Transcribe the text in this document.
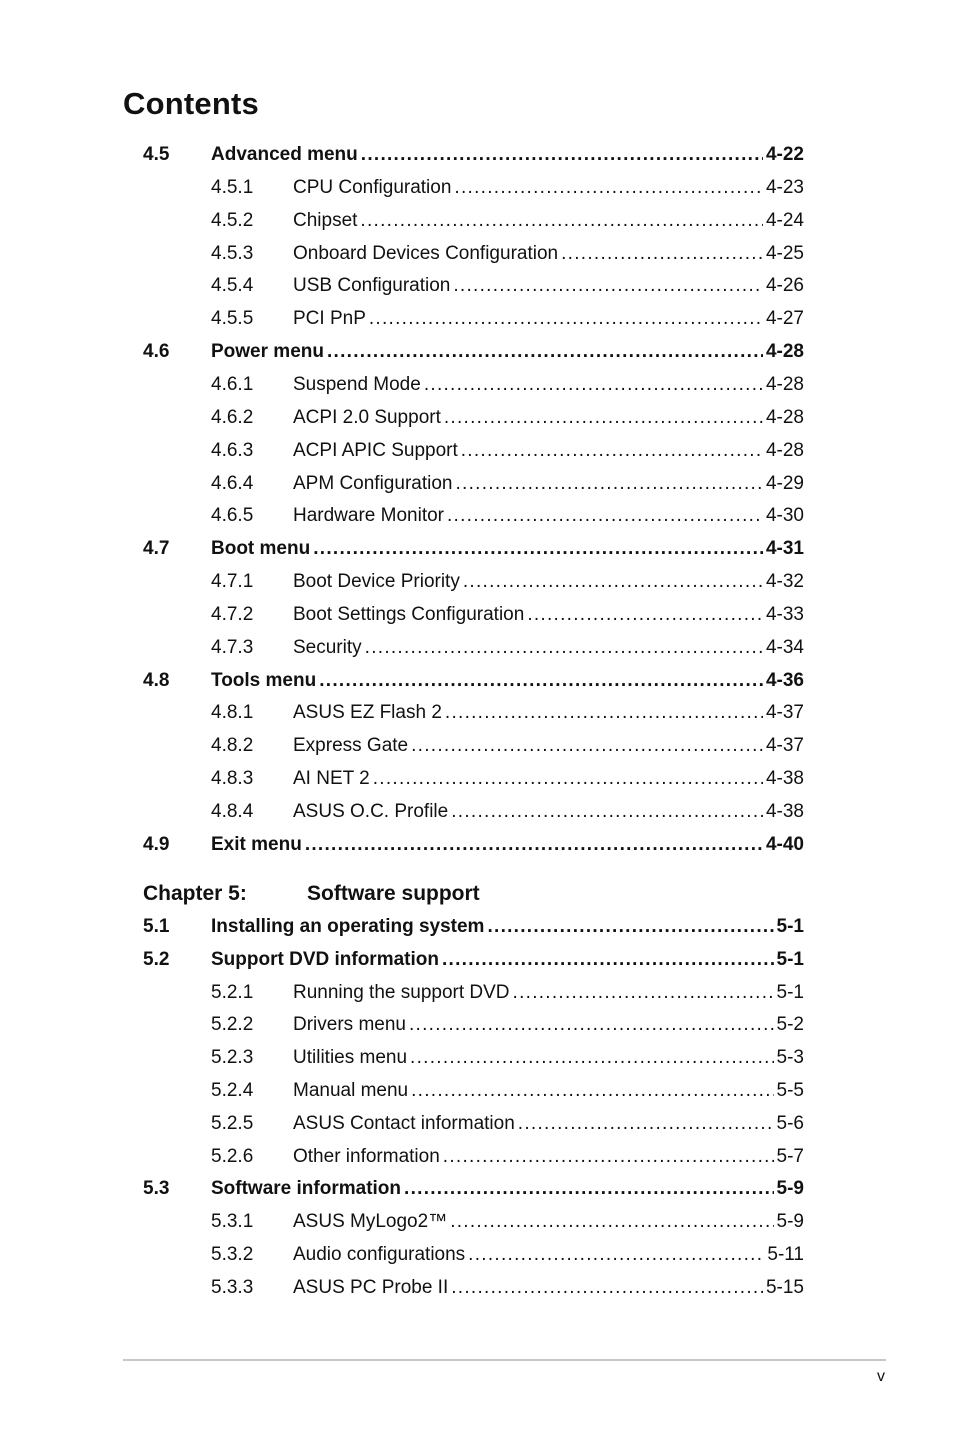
Contents
4.5	Advanced menu . . .	4-22
4.5.1	CPU Configuration . . .	4-23
4.5.2	Chipset . . .	4-24
4.5.3	Onboard Devices Configuration . . .	4-25
4.5.4	USB Configuration . . .	4-26
4.5.5	PCI PnP . . .	4-27
4.6	Power menu . . .	4-28
4.6.1	Suspend Mode . . .	4-28
4.6.2	ACPI 2.0 Support . . .	4-28
4.6.3	ACPI APIC Support . . .	4-28
4.6.4	APM Configuration . . .	4-29
4.6.5	Hardware Monitor . . .	4-30
4.7	Boot menu . . .	4-31
4.7.1	Boot Device Priority . . .	4-32
4.7.2	Boot Settings Configuration . . .	4-33
4.7.3	Security . . .	4-34
4.8	Tools menu . . .	4-36
4.8.1	ASUS EZ Flash 2 . . .	4-37
4.8.2	Express Gate . . .	4-37
4.8.3	AI NET 2 . . .	4-38
4.8.4	ASUS O.C. Profile . . .	4-38
4.9	Exit menu . . .	4-40
5.1	Installing an operating system . . .	5-1
5.2	Support DVD information . . .	5-1
5.2.1	Running the support DVD . . .	5-1
5.2.2	Drivers menu . . .	5-2
5.2.3	Utilities menu . . .	5-3
5.2.4	Manual menu . . .	5-5
5.2.5	ASUS Contact information . . .	5-6
5.2.6	Other information . . .	5-7
5.3	Software information . . .	5-9
5.3.1	ASUS MyLogo2™ . . .	5-9
5.3.2	Audio configurations . . .	5-11
5.3.3	ASUS PC Probe II . . .	5-15
Chapter 5:	Software support
v
